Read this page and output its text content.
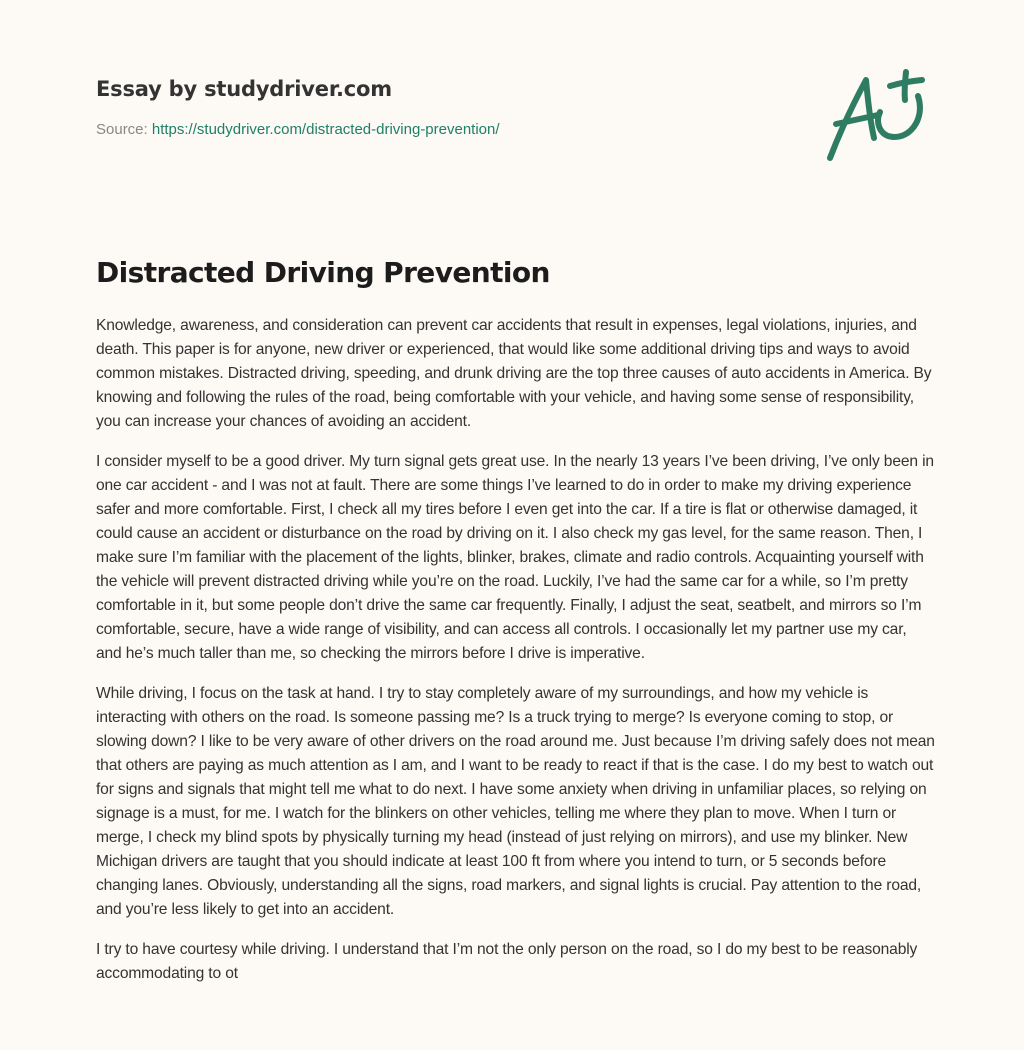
Essay by studydriver.com
Source: https://studydriver.com/distracted-driving-prevention/
Distracted Driving Prevention

Knowledge, awareness, and consideration can prevent car accidents that result in expenses, legal violations, injuries, and death. This paper is for anyone, new driver or experienced, that would like some additional driving tips and ways to avoid common mistakes. Distracted driving, speeding, and drunk driving are the top three causes of auto accidents in America. By knowing and following the rules of the road, being comfortable with your vehicle, and having some sense of responsibility, you can increase your chances of avoiding an accident.

I consider myself to be a good driver. My turn signal gets great use. In the nearly 13 years I’ve been driving, I’ve only been in one car accident - and I was not at fault. There are some things I’ve learned to do in order to make my driving experience safer and more comfortable. First, I check all my tires before I even get into the car. If a tire is flat or otherwise damaged, it could cause an accident or disturbance on the road by driving on it. I also check my gas level, for the same reason. Then, I make sure I’m familiar with the placement of the lights, blinker, brakes, climate and radio controls. Acquainting yourself with the vehicle will prevent distracted driving while you’re on the road. Luckily, I’ve had the same car for a while, so I’m pretty comfortable in it, but some people don’t drive the same car frequently. Finally, I adjust the seat, seatbelt, and mirrors so I’m comfortable, secure, have a wide range of visibility, and can access all controls. I occasionally let my partner use my car, and he’s much taller than me, so checking the mirrors before I drive is imperative.

While driving, I focus on the task at hand. I try to stay completely aware of my surroundings, and how my vehicle is interacting with others on the road. Is someone passing me? Is a truck trying to merge? Is everyone coming to stop, or slowing down? I like to be very aware of other drivers on the road around me. Just because I’m driving safely does not mean that others are paying as much attention as I am, and I want to be ready to react if that is the case. I do my best to watch out for signs and signals that might tell me what to do next. I have some anxiety when driving in unfamiliar places, so relying on signage is a must, for me. I watch for the blinkers on other vehicles, telling me where they plan to move. When I turn or merge, I check my blind spots by physically turning my head (instead of just relying on mirrors), and use my blinker. New Michigan drivers are taught that you should indicate at least 100 ft from where you intend to turn, or 5 seconds before changing lanes. Obviously, understanding all the signs, road markers, and signal lights is crucial. Pay attention to the road, and you’re less likely to get into an accident.

I try to have courtesy while driving. I understand that I’m not the only person on the road, so I do my best to be reasonably accommodating to ot
